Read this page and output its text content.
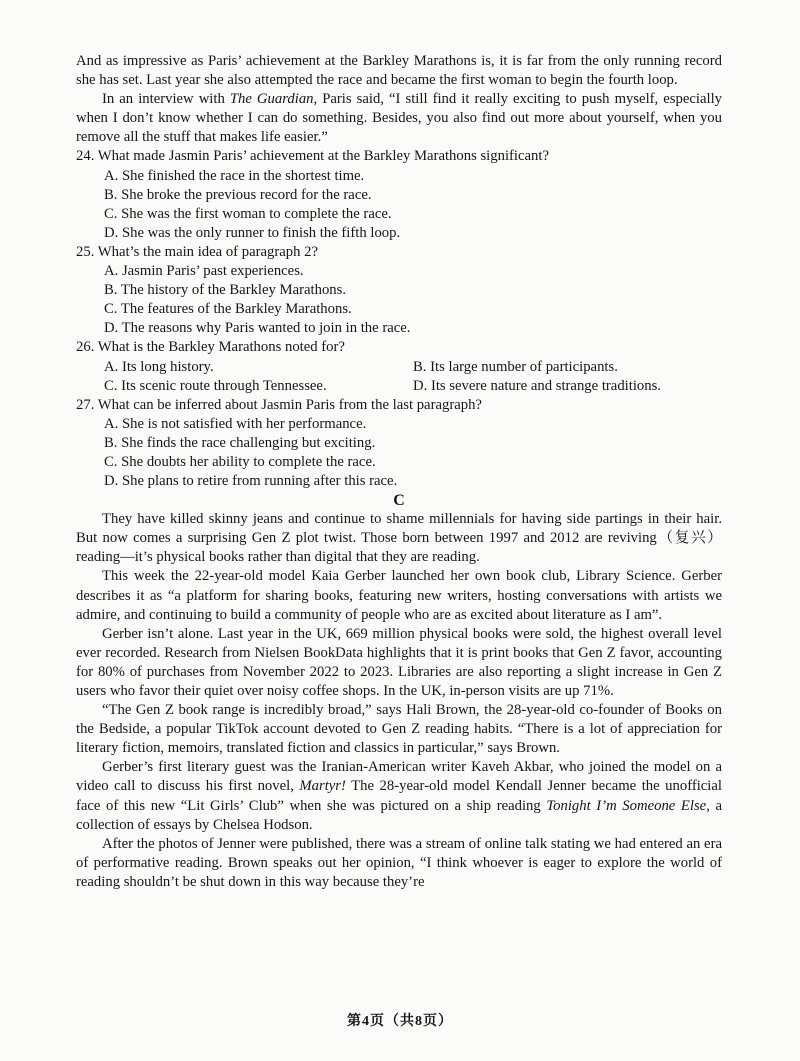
And as impressive as Paris’ achievement at the Barkley Marathons is, it is far from the only running record she has set. Last year she also attempted the race and became the first woman to begin the fourth loop.

In an interview with The Guardian, Paris said, “I still find it really exciting to push myself, especially when I don’t know whether I can do something. Besides, you also find out more about yourself, when you remove all the stuff that makes life easier.”

24. What made Jasmin Paris’ achievement at the Barkley Marathons significant?
A. She finished the race in the shortest time.
B. She broke the previous record for the race.
C. She was the first woman to complete the race.
D. She was the only runner to finish the fifth loop.
25. What’s the main idea of paragraph 2?
A. Jasmin Paris’ past experiences.
B. The history of the Barkley Marathons.
C. The features of the Barkley Marathons.
D. The reasons why Paris wanted to join in the race.
26. What is the Barkley Marathons noted for?
A. Its long history.	B. Its large number of participants.
C. Its scenic route through Tennessee.	D. Its severe nature and strange traditions.
27. What can be inferred about Jasmin Paris from the last paragraph?
A. She is not satisfied with her performance.
B. She finds the race challenging but exciting.
C. She doubts her ability to complete the race.
D. She plans to retire from running after this race.
C

They have killed skinny jeans and continue to shame millennials for having side partings in their hair. But now comes a surprising Gen Z plot twist. Those born between 1997 and 2012 are reviving（复兴）reading—it’s physical books rather than digital that they are reading.

This week the 22-year-old model Kaia Gerber launched her own book club, Library Science. Gerber describes it as “a platform for sharing books, featuring new writers, hosting conversations with artists we admire, and continuing to build a community of people who are as excited about literature as I am”.

Gerber isn’t alone. Last year in the UK, 669 million physical books were sold, the highest overall level ever recorded. Research from Nielsen BookData highlights that it is print books that Gen Z favor, accounting for 80% of purchases from November 2022 to 2023. Libraries are also reporting a slight increase in Gen Z users who favor their quiet over noisy coffee shops. In the UK, in-person visits are up 71%.

“The Gen Z book range is incredibly broad,” says Hali Brown, the 28-year-old co-founder of Books on the Bedside, a popular TikTok account devoted to Gen Z reading habits. “There is a lot of appreciation for literary fiction, memoirs, translated fiction and classics in particular,” says Brown.

Gerber’s first literary guest was the Iranian-American writer Kaveh Akbar, who joined the model on a video call to discuss his first novel, Martyr! The 28-year-old model Kendall Jenner became the unofficial face of this new “Lit Girls’ Club” when she was pictured on a ship reading Tonight I’m Someone Else, a collection of essays by Chelsea Hodson.

After the photos of Jenner were published, there was a stream of online talk stating we had entered an era of performative reading. Brown speaks out her opinion, “I think whoever is eager to explore the world of reading shouldn’t be shut down in this way because they’re

第4页（共8页）
